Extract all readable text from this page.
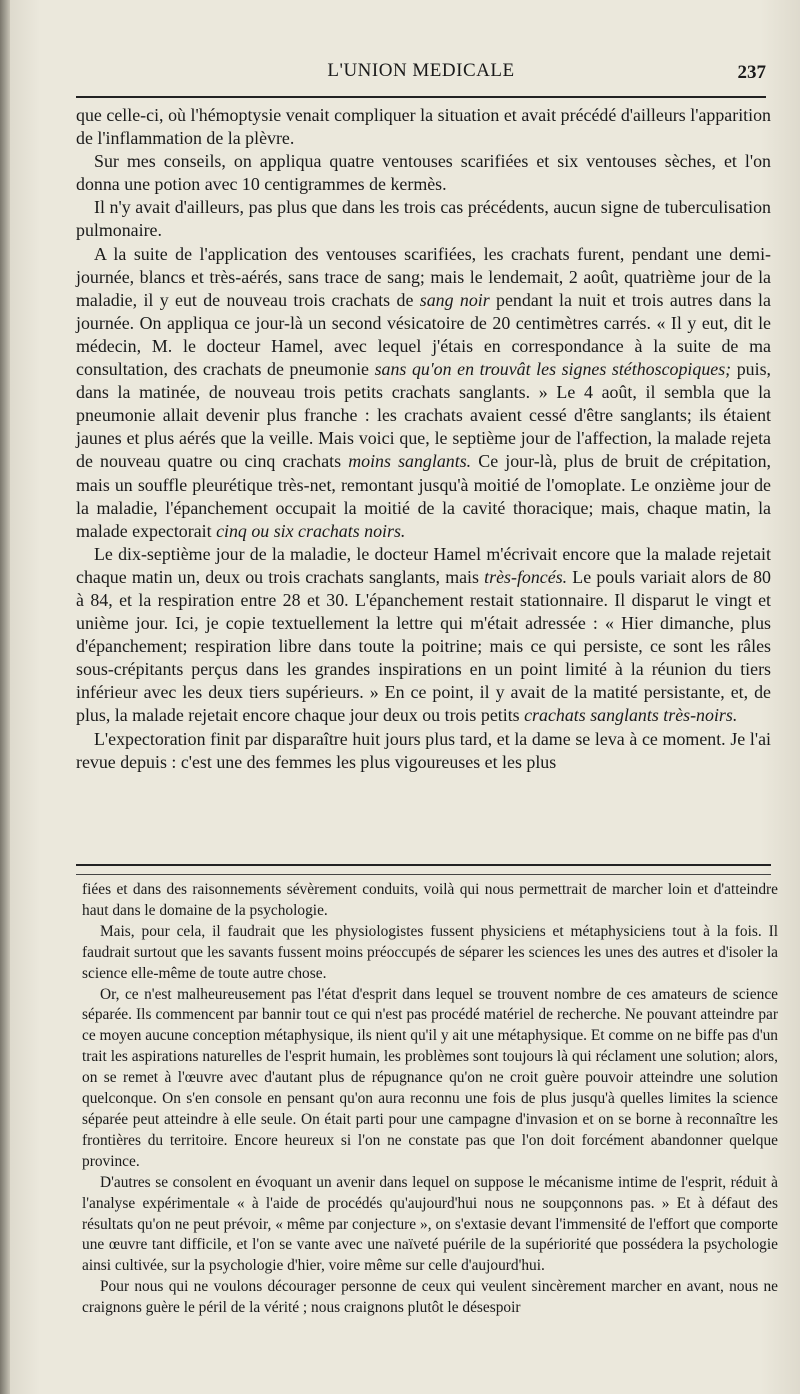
L'UNION MEDICALE	237

que celle-ci, où l'hémoptysie venait compliquer la situation et avait précédé d'ailleurs l'apparition de l'inflammation de la plèvre.

Sur mes conseils, on appliqua quatre ventouses scarifiées et six ventouses sèches, et l'on donna une potion avec 10 centigrammes de kermès.

Il n'y avait d'ailleurs, pas plus que dans les trois cas précédents, aucun signe de tuberculisation pulmonaire.

A la suite de l'application des ventouses scarifiées, les crachats furent, pendant une demi-journée, blancs et très-aérés, sans trace de sang; mais le lendemait, 2 août, quatrième jour de la maladie, il y eut de nouveau trois crachats de sang noir pendant la nuit et trois autres dans la journée. On appliqua ce jour-là un second vésicatoire de 20 centimètres carrés. « Il y eut, dit le médecin, M. le docteur Hamel, avec lequel j'étais en correspondance à la suite de ma consultation, des crachats de pneumonie sans qu'on en trouvât les signes stéthoscopiques; puis, dans la matinée, de nouveau trois petits crachats sanglants. » Le 4 août, il sembla que la pneumonie allait devenir plus franche : les crachats avaient cessé d'être sanglants; ils étaient jaunes et plus aérés que la veille. Mais voici que, le septième jour de l'affection, la malade rejeta de nouveau quatre ou cinq crachats moins sanglants. Ce jour-là, plus de bruit de crépitation, mais un souffle pleurétique très-net, remontant jusqu'à moitié de l'omoplate. Le onzième jour de la maladie, l'épanchement occupait la moitié de la cavité thoracique; mais, chaque matin, la malade expectorait cinq ou six crachats noirs.

Le dix-septième jour de la maladie, le docteur Hamel m'écrivait encore que la malade rejetait chaque matin un, deux ou trois crachats sanglants, mais très-foncés. Le pouls variait alors de 80 à 84, et la respiration entre 28 et 30. L'épanchement restait stationnaire. Il disparut le vingt et unième jour. Ici, je copie textuellement la lettre qui m'était adressée : « Hier dimanche, plus d'épanchement; respiration libre dans toute la poitrine; mais ce qui persiste, ce sont les râles sous-crépitants perçus dans les grandes inspirations en un point limité à la réunion du tiers inférieur avec les deux tiers supérieurs. » En ce point, il y avait de la matité persistante, et, de plus, la malade rejetait encore chaque jour deux ou trois petits crachats sanglants très-noirs.

L'expectoration finit par disparaître huit jours plus tard, et la dame se leva à ce moment. Je l'ai revue depuis : c'est une des femmes les plus vigoureuses et les plus

fiées et dans des raisonnements sévèrement conduits, voilà qui nous permettrait de marcher loin et d'atteindre haut dans le domaine de la psychologie.

Mais, pour cela, il faudrait que les physiologistes fussent physiciens et métaphysiciens tout à la fois. Il faudrait surtout que les savants fussent moins préoccupés de séparer les sciences les unes des autres et d'isoler la science elle-même de toute autre chose.

Or, ce n'est malheureusement pas l'état d'esprit dans lequel se trouvent nombre de ces amateurs de science séparée. Ils commencent par bannir tout ce qui n'est pas procédé matériel de recherche. Ne pouvant atteindre par ce moyen aucune conception métaphysique, ils nient qu'il y ait une métaphysique. Et comme on ne biffe pas d'un trait les aspirations naturelles de l'esprit humain, les problèmes sont toujours là qui réclament une solution; alors, on se remet à l'œuvre avec d'autant plus de répugnance qu'on ne croit guère pouvoir atteindre une solution quelconque. On s'en console en pensant qu'on aura reconnu une fois de plus jusqu'à quelles limites la science séparée peut atteindre à elle seule. On était parti pour une campagne d'invasion et on se borne à reconnaître les frontières du territoire. Encore heureux si l'on ne constate pas que l'on doit forcément abandonner quelque province.

D'autres se consolent en évoquant un avenir dans lequel on suppose le mécanisme intime de l'esprit, réduit à l'analyse expérimentale « à l'aide de procédés qu'aujourd'hui nous ne soupçonnons pas. » Et à défaut des résultats qu'on ne peut prévoir, « même par conjecture », on s'extasie devant l'immensité de l'effort que comporte une œuvre tant difficile, et l'on se vante avec une naïveté puérile de la supériorité que possédera la psychologie ainsi cultivée, sur la psychologie d'hier, voire même sur celle d'aujourd'hui.

Pour nous qui ne voulons décourager personne de ceux qui veulent sincèrement marcher en avant, nous ne craignons guère le péril de la vérité ; nous craignons plutôt le désespoir
